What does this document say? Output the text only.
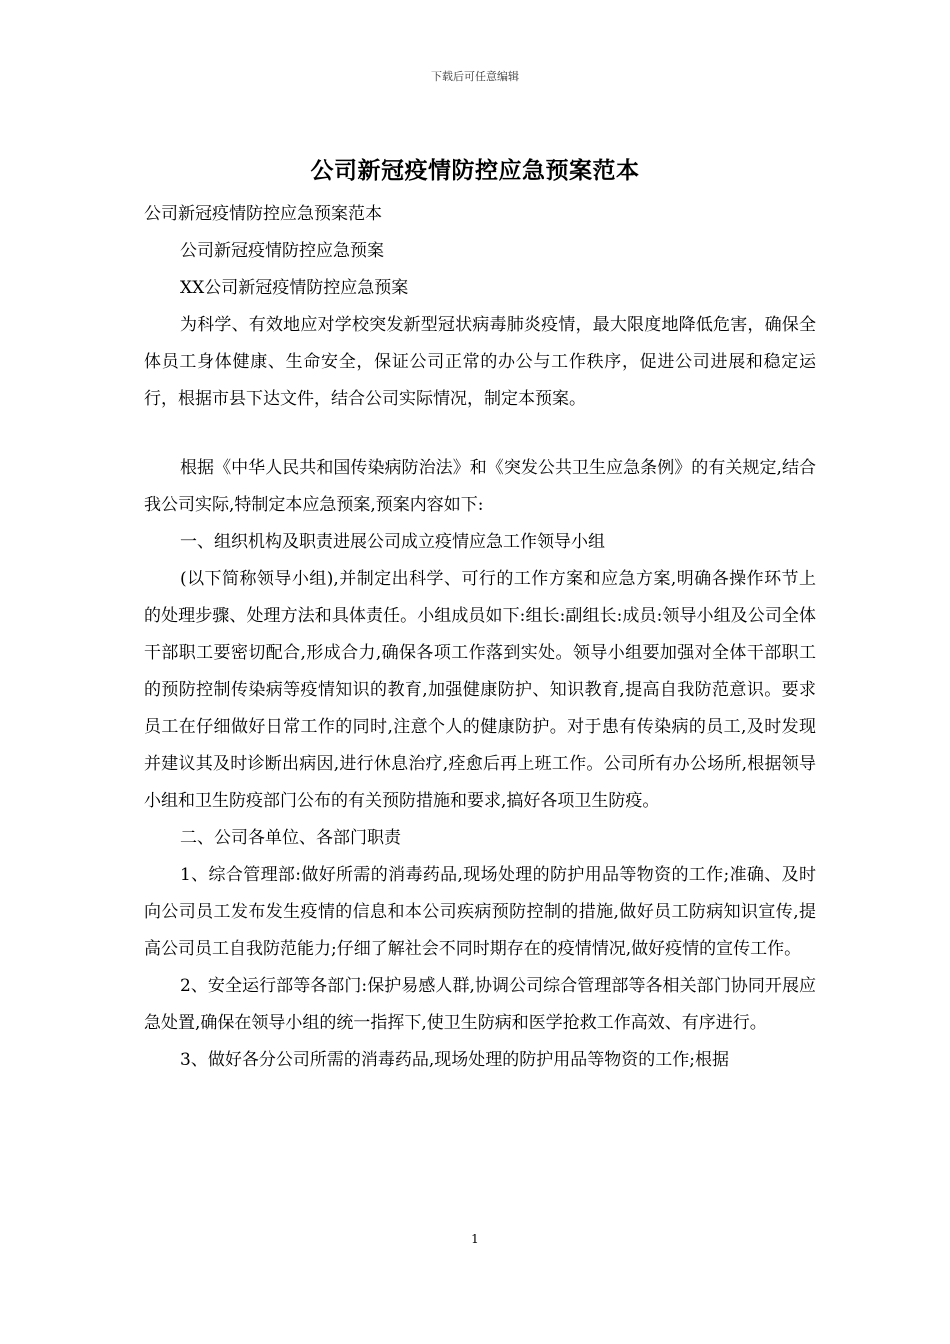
下载后可任意编辑
公司新冠疫情防控应急预案范本

公司新冠疫情防控应急预案范本

公司新冠疫情防控应急预案

XX公司新冠疫情防控应急预案

为科学、有效地应对学校突发新型冠状病毒肺炎疫情，最大限度地降低危害，确保全体员工身体健康、生命安全，保证公司正常的办公与工作秩序，促进公司进展和稳定运行，根据市县下达文件，结合公司实际情况，制定本预案。

根据《中华人民共和国传染病防治法》和《突发公共卫生应急条例》的有关规定,结合我公司实际,特制定本应急预案,预案内容如下:

一、组织机构及职责进展公司成立疫情应急工作领导小组

(以下简称领导小组),并制定出科学、可行的工作方案和应急方案,明确各操作环节上的处理步骤、处理方法和具体责任。小组成员如下:组长:副组长:成员:领导小组及公司全体干部职工要密切配合,形成合力,确保各项工作落到实处。领导小组要加强对全体干部职工的预防控制传染病等疫情知识的教育,加强健康防护、知识教育,提高自我防范意识。要求员工在仔细做好日常工作的同时,注意个人的健康防护。对于患有传染病的员工,及时发现并建议其及时诊断出病因,进行休息治疗,痊愈后再上班工作。公司所有办公场所,根据领导小组和卫生防疫部门公布的有关预防措施和要求,搞好各项卫生防疫。

二、公司各单位、各部门职责

1、综合管理部:做好所需的消毒药品,现场处理的防护用品等物资的工作;准确、及时向公司员工发布发生疫情的信息和本公司疾病预防控制的措施,做好员工防病知识宣传,提高公司员工自我防范能力;仔细了解社会不同时期存在的疫情情况,做好疫情的宣传工作。

2、安全运行部等各部门:保护易感人群,协调公司综合管理部等各相关部门协同开展应急处置,确保在领导小组的统一指挥下,使卫生防病和医学抢救工作高效、有序进行。

3、做好各分公司所需的消毒药品,现场处理的防护用品等物资的工作;根据

1
